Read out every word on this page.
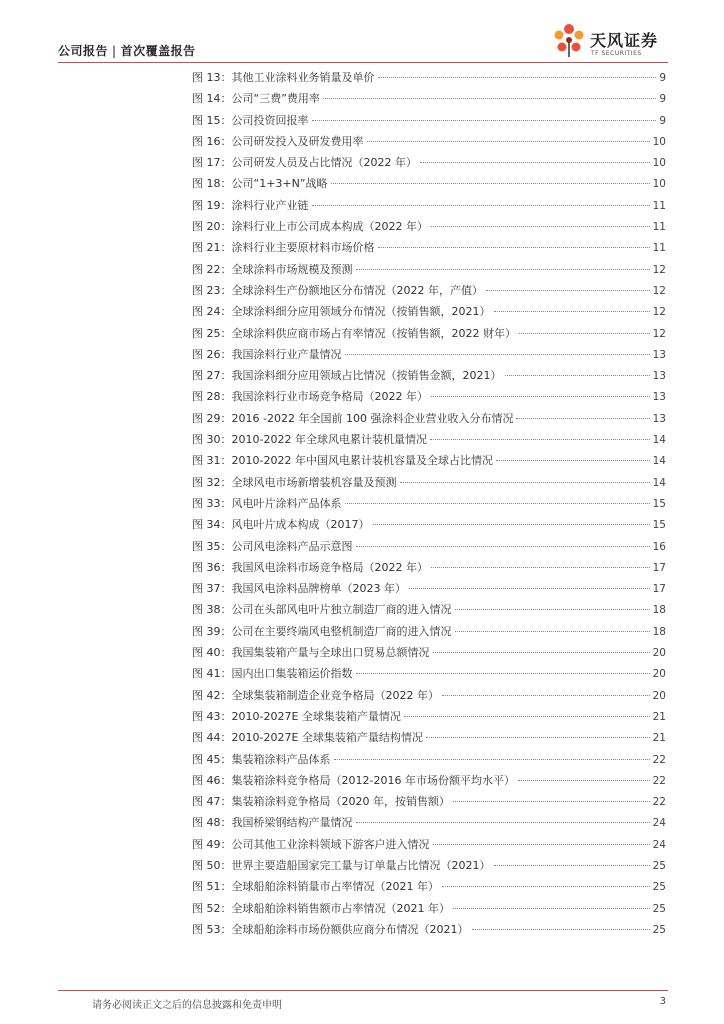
公司报告 | 首次覆盖报告
天风证券
TF SECURITIES
图 13 ： 其他工业涂料业务销量及单价	9
图 14 ： 公司“三费”费用率	9
图 15 ： 公司投资回报率	9
图 16 ： 公司研发投入及研发费用率	10
图 17 ： 公司研发人员及占比情况（2022 年）	10
图 18 ： 公司“1+3+N”战略	10
图 19 ： 涂料行业产业链	11
图 20 ： 涂料行业上市公司成本构成（2022 年）	11
图 21 ： 涂料行业主要原材料市场价格	11
图 22 ： 全球涂料市场规模及预测	12
图 23 ： 全球涂料生产份额地区分布情况（2022 年，产值）	12
图 24 ： 全球涂料细分应用领域分布情况（按销售额，2021）	12
图 25 ： 全球涂料供应商市场占有率情况（按销售额，2022 财年）	12
图 26 ： 我国涂料行业产量情况	13
图 27 ： 我国涂料细分应用领域占比情况（按销售金额，2021）	13
图 28 ： 我国涂料行业市场竞争格局（2022 年）	13
图 29 ： 2016 -2022 年全国前 100 强涂料企业营业收入分布情况	13
图 30 ： 2010-2022 年全球风电累计装机量情况	14
图 31 ： 2010-2022 年中国风电累计装机容量及全球占比情况	14
图 32 ： 全球风电市场新增装机容量及预测	14
图 33 ： 风电叶片涂料产品体系	15
图 34 ： 风电叶片成本构成（2017）	15
图 35 ： 公司风电涂料产品示意图	16
图 36 ： 我国风电涂料市场竞争格局（2022 年）	17
图 37 ： 我国风电涂料品牌榜单（2023 年）	17
图 38 ： 公司在头部风电叶片独立制造厂商的进入情况	18
图 39 ： 公司在主要终端风电整机制造厂商的进入情况	18
图 40 ： 我国集装箱产量与全球出口贸易总额情况	20
图 41 ： 国内出口集装箱运价指数	20
图 42 ： 全球集装箱制造企业竞争格局（2022 年）	20
图 43 ： 2010-2027E 全球集装箱产量情况	21
图 44 ： 2010-2027E 全球集装箱产量结构情况	21
图 45 ： 集装箱涂料产品体系	22
图 46 ： 集装箱涂料竞争格局（2012-2016 年市场份额平均水平）	22
图 47 ： 集装箱涂料竞争格局（2020 年，按销售额）	22
图 48 ： 我国桥梁钢结构产量情况	24
图 49 ： 公司其他工业涂料领域下游客户进入情况	24
图 50 ： 世界主要造船国家完工量与订单量占比情况（2021）	25
图 51 ： 全球船舶涂料销量市占率情况（2021 年）	25
图 52 ： 全球船舶涂料销售额市占率情况（2021 年）	25
图 53 ： 全球船舶涂料市场份额供应商分布情况（2021）	25
请务必阅读正文之后的信息披露和免责申明	3
